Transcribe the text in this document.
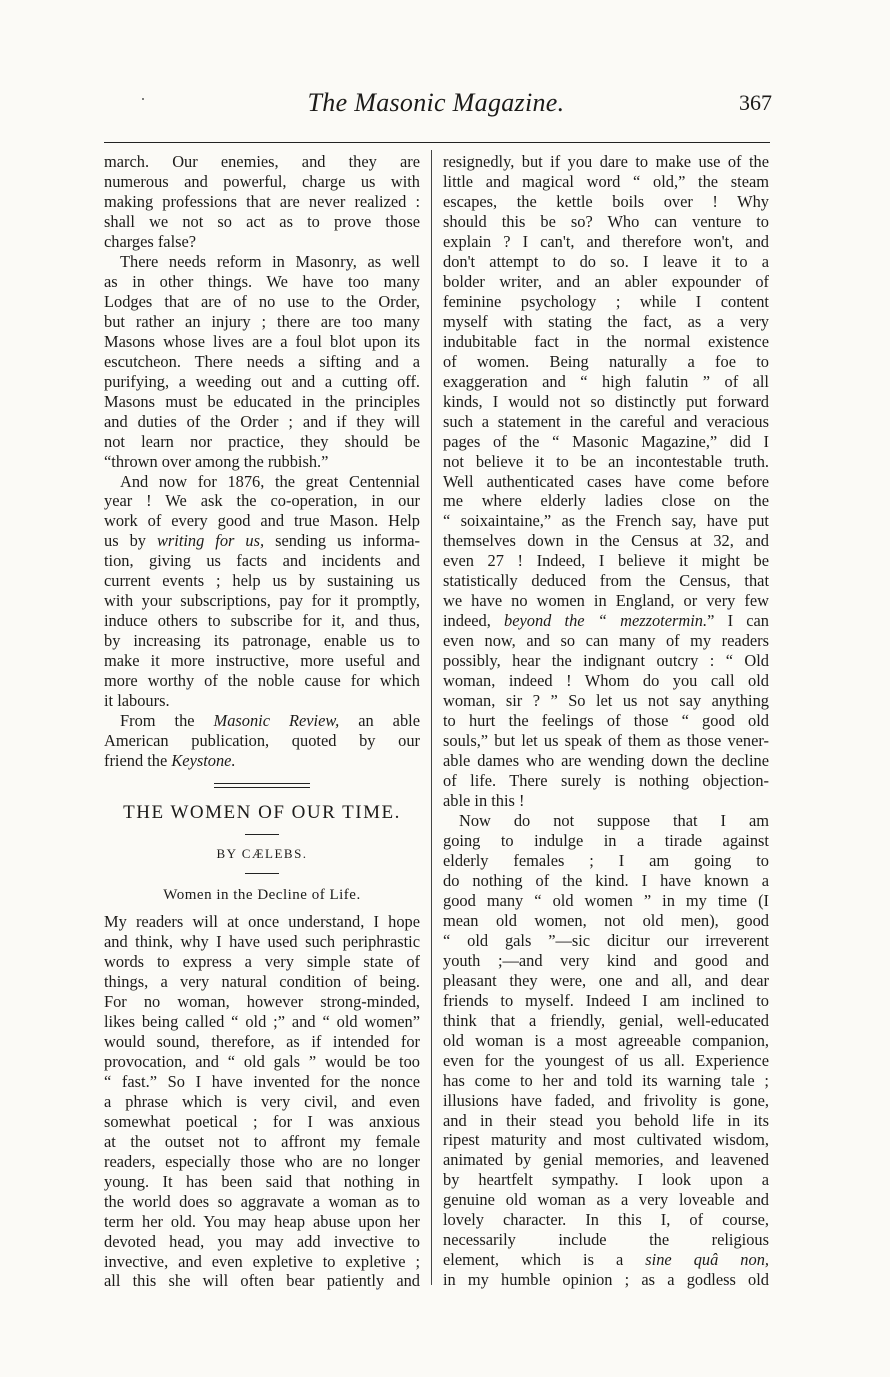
The Masonic Magazine.	367
march. Our enemies, and they are
numerous and powerful, charge us with
making professions that are never realized :
shall we not so act as to prove those
charges false?
There needs reform in Masonry, as well
as in other things. We have too many
Lodges that are of no use to the Order,
but rather an injury ; there are too many
Masons whose lives are a foul blot upon its
escutcheon. There needs a sifting and a
purifying, a weeding out and a cutting off.
Masons must be educated in the principles
and duties of the Order ; and if they will
not learn nor practice, they should be
“thrown over among the rubbish.”
And now for 1876, the great Centennial
year ! We ask the co-operation, in our
work of every good and true Mason. Help
us by writing for us, sending us informa-
tion, giving us facts and incidents and
current events ; help us by sustaining us
with your subscriptions, pay for it promptly,
induce others to subscribe for it, and thus,
by increasing its patronage, enable us to
make it more instructive, more useful and
more worthy of the noble cause for which
it labours.
From the Masonic Review, an able
American publication, quoted by our
friend the Keystone.
THE WOMEN OF OUR TIME.
BY CÆLEBS.
Women in the Decline of Life.
My readers will at once understand, I hope
and think, why I have used such periphrastic
words to express a very simple state of
things, a very natural condition of being.
For no woman, however strong-minded,
likes being called “ old ;” and “ old women”
would sound, therefore, as if intended for
provocation, and “ old gals ” would be too
“ fast.” So I have invented for the nonce
a phrase which is very civil, and even
somewhat poetical ; for I was anxious
at the outset not to affront my female
readers, especially those who are no longer
young. It has been said that nothing in
the world does so aggravate a woman as to
term her old. You may heap abuse upon her
devoted head, you may add invective to
invective, and even expletive to expletive ;
all this she will often bear patiently and
resignedly, but if you dare to make use of the
little and magical word “ old,” the steam
escapes, the kettle boils over ! Why
should this be so? Who can venture to
explain ? I can't, and therefore won't, and
don't attempt to do so. I leave it to a
bolder writer, and an abler expounder of
feminine psychology ; while I content
myself with stating the fact, as a very
indubitable fact in the normal existence
of women. Being naturally a foe to
exaggeration and “ high falutin ” of all
kinds, I would not so distinctly put forward
such a statement in the careful and veracious
pages of the “ Masonic Magazine,” did I
not believe it to be an incontestable truth.
Well authenticated cases have come before
me where elderly ladies close on the
“ soixaintaine,” as the French say, have put
themselves down in the Census at 32, and
even 27 ! Indeed, I believe it might be
statistically deduced from the Census, that
we have no women in England, or very few
indeed, beyond the “ mezzotermin.” I can
even now, and so can many of my readers
possibly, hear the indignant outcry : “ Old
woman, indeed ! Whom do you call old
woman, sir ? ” So let us not say anything
to hurt the feelings of those “ good old
souls,” but let us speak of them as those vener-
able dames who are wending down the decline
of life. There surely is nothing objection-
able in this !
Now do not suppose that I am
going to indulge in a tirade against
elderly females ; I am going to
do nothing of the kind. I have known a
good many “ old women ” in my time (I
mean old women, not old men), good
“ old gals ”—sic dicitur our irreverent
youth ;—and very kind and good and
pleasant they were, one and all, and dear
friends to myself. Indeed I am inclined to
think that a friendly, genial, well-educated
old woman is a most agreeable companion,
even for the youngest of us all. Experience
has come to her and told its warning tale ;
illusions have faded, and frivolity is gone,
and in their stead you behold life in its
ripest maturity and most cultivated wisdom,
animated by genial memories, and leavened
by heartfelt sympathy. I look upon a
genuine old woman as a very loveable and
lovely character. In this I, of course,
necessarily include the religious
element, which is a sine quâ non,
in my humble opinion ; as a godless old
